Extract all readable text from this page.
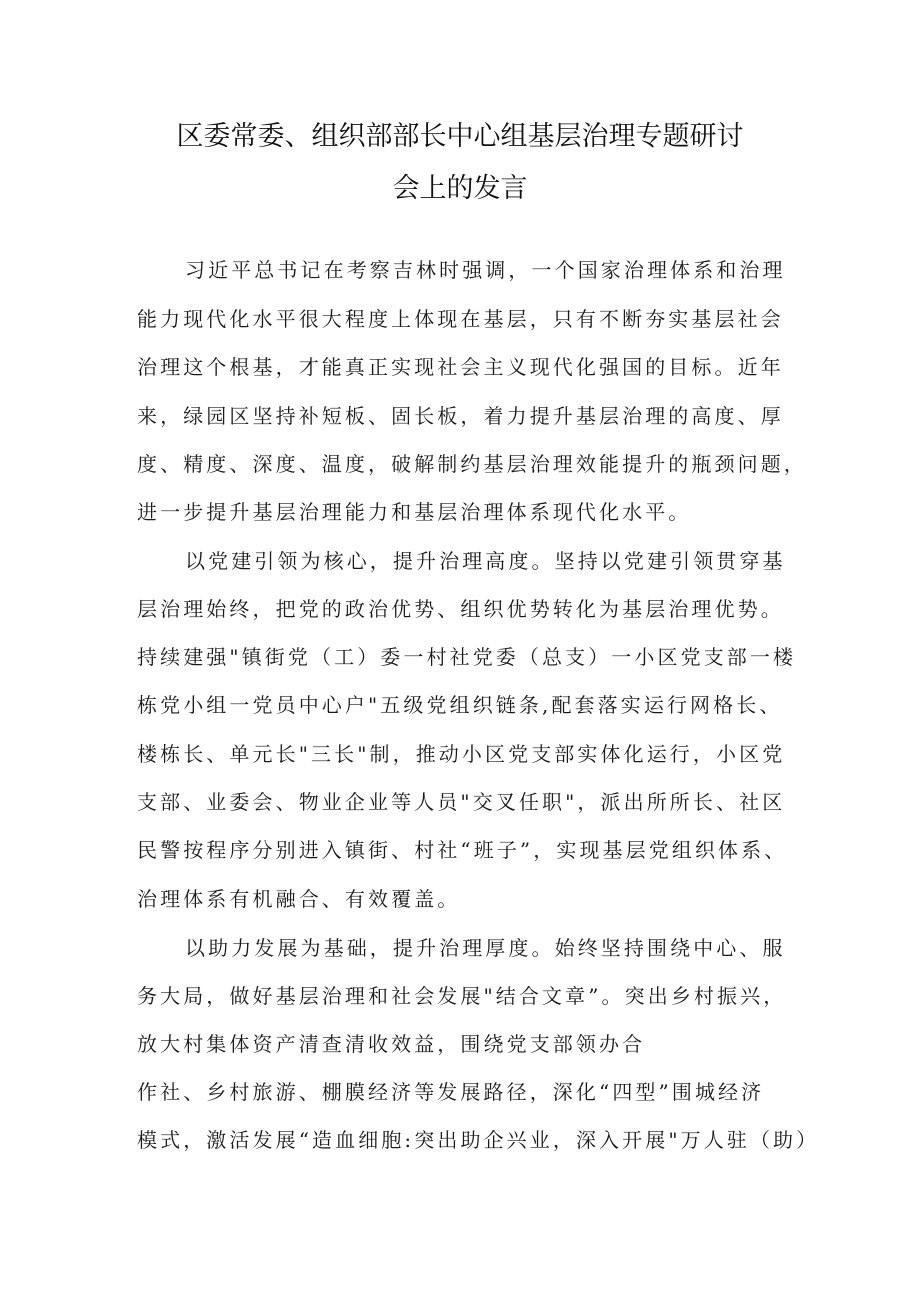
区委常委、组织部部长中心组基层治理专题研讨
会上的发言
习近平总书记在考察吉林时强调，一个国家治理体系和治理
能力现代化水平很大程度上体现在基层，只有不断夯实基层社会
治理这个根基，才能真正实现社会主义现代化强国的目标。近年
来，绿园区坚持补短板、固长板，着力提升基层治理的高度、厚
度、精度、深度、温度，破解制约基层治理效能提升的瓶颈问题，
进一步提升基层治理能力和基层治理体系现代化水平。
以党建引领为核心，提升治理高度。坚持以党建引领贯穿基
层治理始终，把党的政治优势、组织优势转化为基层治理优势。
持续建强"镇街党（工）委一村社党委（总支）一小区党支部一楼
栋党小组一党员中心户"五级党组织链条,配套落实运行网格长、
楼栋长、单元长"三长"制，推动小区党支部实体化运行，小区党
支部、业委会、物业企业等人员"交叉任职"，派出所所长、社区
民警按程序分别进入镇街、村社“班子”，实现基层党组织体系、
治理体系有机融合、有效覆盖。
以助力发展为基础，提升治理厚度。始终坚持围绕中心、服
务大局，做好基层治理和社会发展"结合文章”。突出乡村振兴，
放大村集体资产清查清收效益，围绕党支部领办合
作社、乡村旅游、棚膜经济等发展路径，深化“四型”围城经济
模式，激活发展“造血细胞:突出助企兴业，深入开展"万人驻（助）
